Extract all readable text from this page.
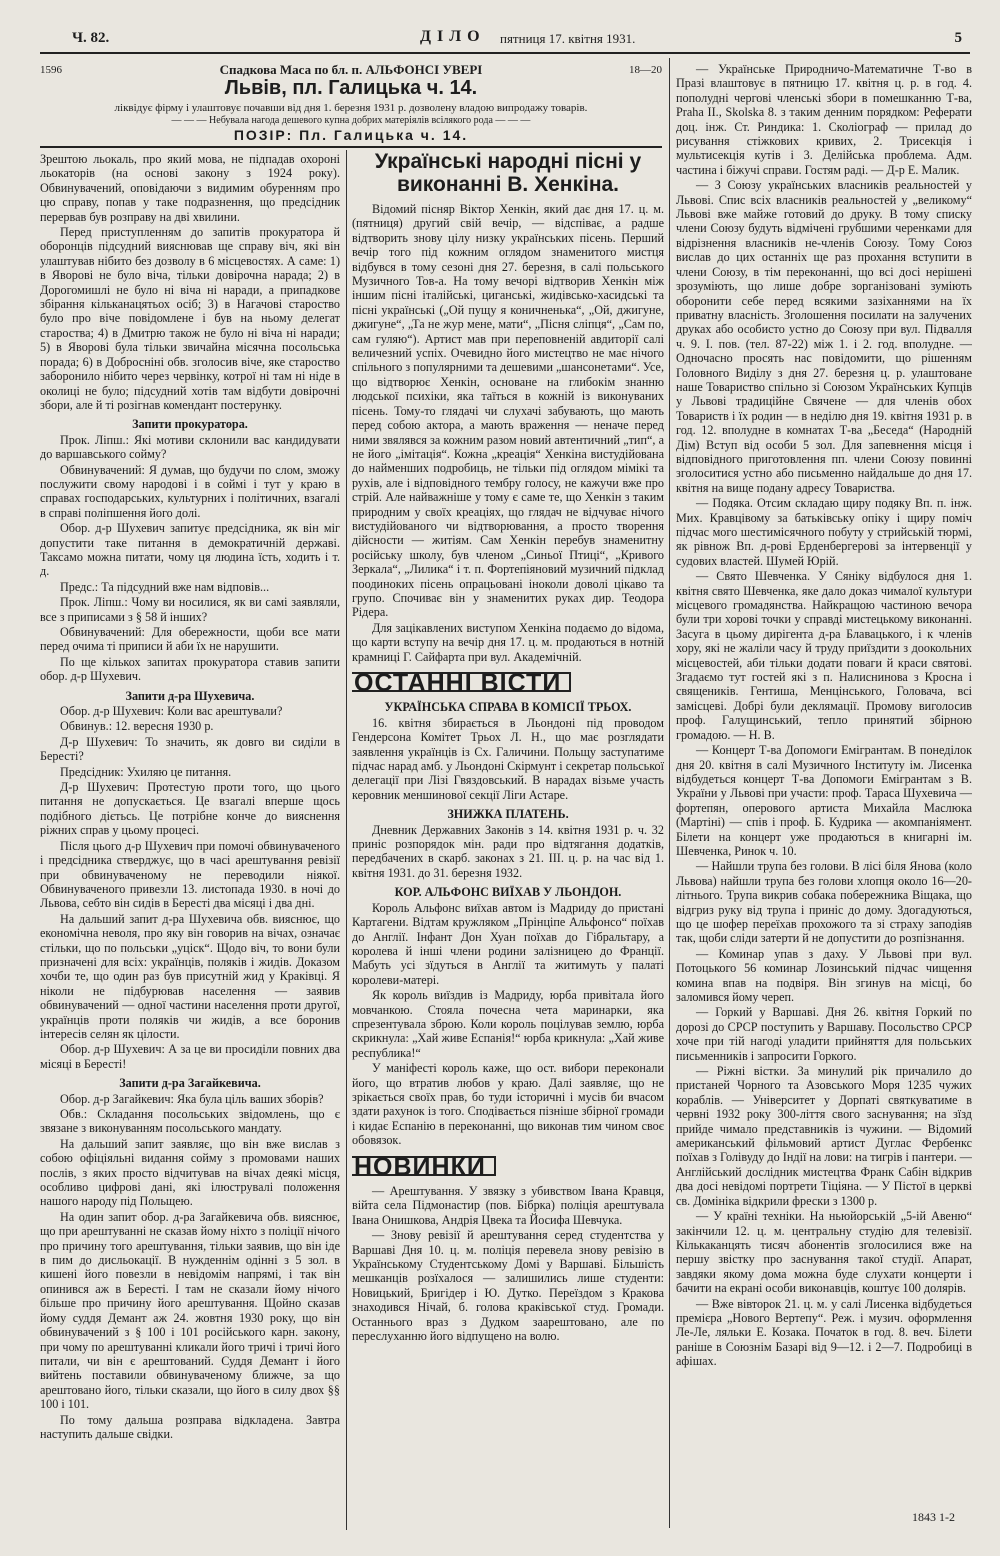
Ч. 82.	ДІЛО пятниця 17. квітня 1931.	5
1596	18—20
Спадкова Маса по бл. п. АЛЬФОНСІ УВЕРІ
Львів, пл. Галицька ч. 14.
ліквідує фірму і улаштовує почавши від дня 1. березня 1931 р. дозволену владою випродажу товарів.
— — — Небувала нагода дешевого купна добрих матеріялів всілякого рода — — —
ПОЗІР: Пл. Галицька ч. 14.

Зрештою льокаль, про який мова, не підпадав охороні льокаторів (на основі закону з 1924 року). Обвинувачений, оповідаючи з видимим обуренням про цю справу, попав у таке подразнення, що предсідник перервав був розправу на дві хвилини.

Перед приступленням до запитів прокуратора й оборонців підсудний вияснював ще справу віч, які він улаштував нібито без дозволу в 6 місцевостях. А саме: 1) в Яворові не було віча, тільки довірочна нарада; 2) в Дорогомишлі не було ні віча ні наради, а припадкове збірання кільканацятьох осіб; 3) в Нагачові староство було про віче повідомлене і був на ньому делегат староства; 4) в Дмитрю також не було ні віча ні наради; 5) в Яворові була тільки звичайна місячна посольська порада; 6) в Добросніні обв. зголосив віче, яке староство заборонило нібито через червінку, котрої ні там ні ніде в околиці не було; підсудний хотів там відбути довірочні збори, але й ті розігнав комендант постерунку.

Запити прокуратора.

Прок. Ліпш.: Які мотиви склонили вас кандидувати до варшавського сойму?

Обвинувачений: Я думав, що будучи по слом, зможу послужити свому народові і в соймі і тут у краю в справах господарських, культурних і політичних, взагалі в справі поліпшення його долі.

Обор. д-р Шухевич запитує предсідника, як він мiг допустити таке питання в демократичній державі. Таксамо можна питати, чому ця людина їсть, ходить і т. д.

Предс.: Та підсудний вже нам відповів...

Прок. Ліпш.: Чому ви носилися, як ви самі заявляли, все з приписами з § 58 й інших?

Обвинувачений: Для обережности, щоби все мати перед очима ті приписи й аби їх не нарушити.

По ще кількох запитах прокуратора ставив запити обор. д-р Шухевич.

Запити д-ра Шухевича.

Обор. д-р Шухевич: Коли вас арештували?

Обвинув.: 12. вересня 1930 р.

Д-р Шухевич: То значить, як довго ви сиділи в Бересті?

Предсідник: Ухиляю це питання.

Д-р Шухевич: Протестую проти того, що цього питання не допускається. Це взагалі вперше щось подібного дієтьсь. Це потрібне конче до вияснення ріжних справ у цьому процесі.

Після цього д-р Шухевич при помочі обвинуваченого і предсідника стверджує, що в часі арештування ревізії при обвинуваченому не переводили ніякої. Обвинуваченого привезли 13. листопада 1930. в ночі до Львова, себто він сидів в Бересті два місяці і два дні.

На дальший запит д-ра Шухевича обв. вияснює, що економічна неволя, про яку він говорив на вічах, означає стільки, що по польськи „уціск“. Щодо віч, то вони були призначені для всіх: українців, поляків і жидів. Доказом хочби те, що один раз був присутній жид у Краківці. Я ніколи не підбурював населення — заявив обвинувачений — одної частини населення проти другої, українців проти поляків чи жидів, а все боронив інтересів селян як цілости.

Обор. д-р Шухевич: А за це ви просиділи повних два місяці в Бересті!

Запити д-ра Загайкевича.

Обор. д-р Загайкевич: Яка була ціль ваших зборів?

Обв.: Складання посольських звідомлень, що є звязане з виконуванням посольського мандату.

На дальший запит заявляє, що він вже вислав з собою офіціяльні видання сойму з промовами наших послів, з яких просто відчитував на вічах деякі місця, особливо цифрові дані, які ілюструвалі положення нашого народу під Польщею.

На один запит обор. д-ра Загайкевича обв. вияснює, що при арештуванні не сказав йому ніхто з поліції нічого про причину того арештування, тільки заявив, що він іде в пим до дисльокації. В нужденнім одінні з 5 зол. в кишені його повезли в невідомім напрямі, і так він опинився аж в Бересті. І там не сказали йому нічого більше про причину його арештування. Щойно сказав йому суддя Демант аж 24. жовтня 1930 року, що він обвинувачений з § 100 і 101 російського карн. закону, при чому по арештуванні кликали його тричі і тричі його питали, чи він є арештований. Суддя Демант і його вийтень поставили обвинуваченому ближче, за що арештовано його, тільки сказали, що його в силу двох §§ 100 і 101.

По тому дальша розправа відкладена. Завтра наступить дальше свідки.

Українські народні пісні у виконанні В. Хенкіна.

Відомий пісняр Віктор Хенкін, який дає дня 17. ц. м. (пятниця) другий свій вечір, — відспіває, а радше відтворить знову цілу низку українських пісень. Перший вечір того під кожним оглядом знаменитого мистця відбувся в тому сезоні дня 27. березня, в салі польського Музичного Тов-а. На тому вечорі відтворив Хенкін між іншим пісні італійські, циганські, жидівсько-хасидські та пісні українські („Ой пущу я коничненька“, „Ой, джигуне, джигуне“, „Та не жур мене, мати“, „Пісня сліпця“, „Сам по, сам гуляю“). Артист мав при переповненій авдиторії салі величезний успіх. Очевидно його мистецтво не має нічого спільного з популярними та дешевими „шансонетами“. Усе, що відтворює Хенкін, основане на глибокім знанню людської психіки, яка таїться в кожній із виконуваних пісень. Тому-то глядачі чи слухачі забувають, що мають перед собою актора, а мають враження — неначе перед ними звялявся за кожним разом новий автентичний „тип“, а не його „імітація“. Кожна „креація“ Хенкіна вистудійована до найменших подробиць, не тільки під оглядом мімікі та рухів, але і відповідного тембру голосу, не кажучи вже про стрій. Але найважніше у тому є саме те, що Хенкін з таким природним у своїх креаціях, що глядач не відчуває нічого вистудійованого чи відтворювання, а просто творення дійсности — житіям. Сам Хенкін перебув знаменитну російську школу, був членом „Синьої Птиці“, „Кривого Зеркала“, „Лилика“ і т. п. Фортепіяновий музичний підклад поодиноких пісень опрацьовані іноколи доволі цікаво та групо. Спочиває він у знаменитих руках дир. Теодора Рідера.

Для зацікавлених виступом Хенкіна подаємо до відома, що карти вступу на вечір дня 17. ц. м. продаються в нотній крамниці Г. Сайфарта при вул. Академічній.

ОСТАННІ ВІСТИ
УКРАЇНСЬКА СПРАВА В КОМІСІЇ ТРЬОХ.

16. квітня збирається в Льондоні під проводом Гендерсона Комітет Трьох Л. Н., що має розглядати заявлення українців із Сх. Галичини. Польщу заступатиме підчас нарад амб. у Льондоні Скірмунт і секретар польської делегації при Лізі Гвяздовський. В нарадах візьме участь керовник меншинової секції Ліги Астаре.

ЗНИЖКА ПЛАТЕНЬ.

Дневник Державних Законів з 14. квітня 1931 р. ч. 32 приніс розпорядок мін. ради про відтягання додатків, передбачених в скарб. законах з 21. III. ц. р. на час від 1. квітня 1931. до 31. березня 1932.

КОР. АЛЬФОНС ВИЇХАВ У ЛЬОНДОН.

Король Альфонс виїхав автом із Мадриду до пристані Картагени. Відтам кружляком „Прінціпе Альфонсо“ поїхав до Англії. Інфант Дон Хуан поїхав до Гібральтару, а королева й інші члени родини залізницею до Франції. Мабуть усі зїдуться в Англії та житимуть у палаті королеви-матері.

Як король виїздив із Мадриду, юрба привітала його мовчанкою. Стояла почесна чета маринарки, яка спрезентувала зброю. Коли король поцілував землю, юрба скрикнула: „Хай живе Еспанія!“ юрба крикнула: „Хай живе республика!“

У маніфесті король каже, що ост. вибори переконали його, що втратив любов у краю. Далі заявляє, що не зрікається своїх прав, бо туди історичні і мусів би вчасом здати рахунок із того. Сподівається пізніше збірної громади і кидає Еспанію в переконанні, що виконав тим чином своє обовязок.

НОВИНКИ

— Арештування. У звязку з убивством Івана Кравця, війта села Підмонастир (пов. Бібрка) поліція арештувала Івана Онишкова, Андрія Цвека та Йосифа Шевчука.

— Знову ревізії й арештування серед студентства у Варшаві Дня 10. ц. м. поліція перевела знову ревізію в Українському Студентському Домі у Варшаві. Більшість мешканців розїхалося — залишились лише студенти: Новицький, Бригідер і Ю. Дутко. Переїздом з Кракова знаходився Нічай, б. голова краківської студ. Громади. Останнього враз з Дудком заарештовано, але по переслуханню його відпущено на волю.

— Українське Природничо-Математичне Т-во в Празі влаштовує в пятницю 17. квітня ц. р. в год. 4. пополудні чергові членські збори в помешканню Т-ва, Praha II., Skolska 8. з таким денним порядком: Реферати доц. інж. Ст. Риндика: 1. Сколіограф — прилад до рисування стіжкових кривих, 2. Трисекція і мультисекція кутів і 3. Делійська проблема. Адм. частина і біжучі справи. Гостям раді. — Д-р Е. Малик.

— З Союзу українських власників реальностей у Львові. Спис всіх власників реальностей у „великому“ Львові вже майже готовий до друку. В тому списку члени Союзу будуть відмічені грубшими черенками для відрізнення власників не-членів Союзу. Тому Союз вислав до цих останніх ще раз прохання вступити в члени Союзу, в тім переконанні, що всі досі нерішені зрозуміють, що лише добре зорганізовані зуміють оборонити себе перед всякими зазіханнями на їх приватну власність. Зголошення посилати на залучених друках або особисто устно до Союзу при вул. Підвалля ч. 9. I. пов. (тел. 87-22) між 1. і 2. год. вполудне. — Одночасно просять нас повідомити, що рішенням Головного Виділу з дня 27. березня ц. р. улаштоване наше Товариство спільно зі Союзом Українських Купців у Львові традиційне Свячене — для членів обох Товариств і їх родин — в неділю дня 19. квітня 1931 р. в год. 12. вполудне в комнатах Т-ва „Беседа“ (Народній Дім) Вступ від особи 5 зол. Для запевнення місця і відповідного приготовлення пп. члени Союзу повинні зголоситися устно або письменно найдальше до дня 17. квітня на вище подану адресу Товариства.

— Подяка. Отсим складаю щиру подяку Вп. п. інж. Мих. Кравцівому за батьківську опіку і щиру поміч підчас мого шестимісячного побуту у стрийській тюрмі, як рівнож Вп. д-рові Ерденбергерові за інтервенції у судових властей. Шумей Юрій.

— Свято Шевченка. У Сяніку відбулося дня 1. квітня свято Шевченка, яке дало доказ чималої культури місцевого громадянства. Найкращою частиною вечора були три хорові точки у справді мистецькому виконанні. Засугa в цьому дирігента д-ра Блавацького, і к членів хору, які не жаліли часу й труду приїздити з доокольних місцевостей, аби тільки додати поваги й краси святові. Згадаємо тут гостей які з п. Налиснинова з Кросна і священиків. Гентиша, Менцінського, Головача, всі замісцеві. Добрі були деклямації. Промову виголосив проф. Галущинський, тепло принятий збірною громадою. — Н. В.

— Концерт Т-ва Допомоги Емігрантам. В понеділок дня 20. квітня в салі Музичного Інституту ім. Лисенка відбудеться концерт Т-ва Допомоги Емігрантам з В. України у Львові при участи: проф. Тараса Шухевича — фортепян, оперового артиста Михайла Маслюка (Мартіні) — спів і проф. Б. Кудрика — акомпаніямент. Білети на концерт уже продаються в книгарні ім. Шевченка, Ринок ч. 10.

— Найшли трупа без голови. В лісі біля Янова (коло Львова) найшли трупа без голови хлопця около 16—20-літнього. Трупа викрив собака побережника Віщака, що відгриз руку від трупа і приніс до дому. Здогадуються, що це шофер переїхав прохожого та зі страху заподіяв так, щоби сліди затерти й не допустити до розпізнання.

— Коминар упав з даху. У Львові при вул. Потоцького 56 коминар Лозинський підчас чищення комина впав на подвіря. Він згинув на місці, бо заломився йому череп.

— Горкий у Варшаві. Дня 26. квітня Горкий по дорозі до СРСР поступить у Варшаву. Посольство СРСР хоче при тій нагоді уладити прийняття для польських письменників і запросити Горкого.

— Ріжні вістки. За минулий рік причалило до пристаней Чорного та Азовського Моря 1235 чужих кораблів. — Університет у Дорпаті святкуватиме в червні 1932 року 300-ліття свого заснування; на зїзд прийде чимало представників із чужини. — Відомий американський фільмовий артист Дуглас Фербенкс поїхав з Голівуду до Індії на лови: на тигрів і пантери. — Англійський дослідник мистецтва Франк Сабін відкрив два досі невідомі портрети Тіціяна. — У Пістої в церкві св. Домініка відкрили фрески з 1300 р.

— У країні техніки. На ньюйорській „5-ій Авеню“ закінчили 12. ц. м. центральну студію для телевізії. Кількаканцять тисяч абонентів зголосилися вже на першу звістку про заснування такої студії. Апарат, завдяки якому дома можна буде слухати концерти і бачити на екрані особи виконавців, коштує 100 долярів.

— Вже вівторок 21. ц. м. у салі Лисенка відбудеться премієра „Нового Вертепу“. Реж. і музич. оформлення Ле-Ле, ляльки Е. Козака. Початок в год. 8. веч. Білети раніше в Союзнім Базарі від 9—12. і 2—7. Подробиці в афішах.

1843 1-2
